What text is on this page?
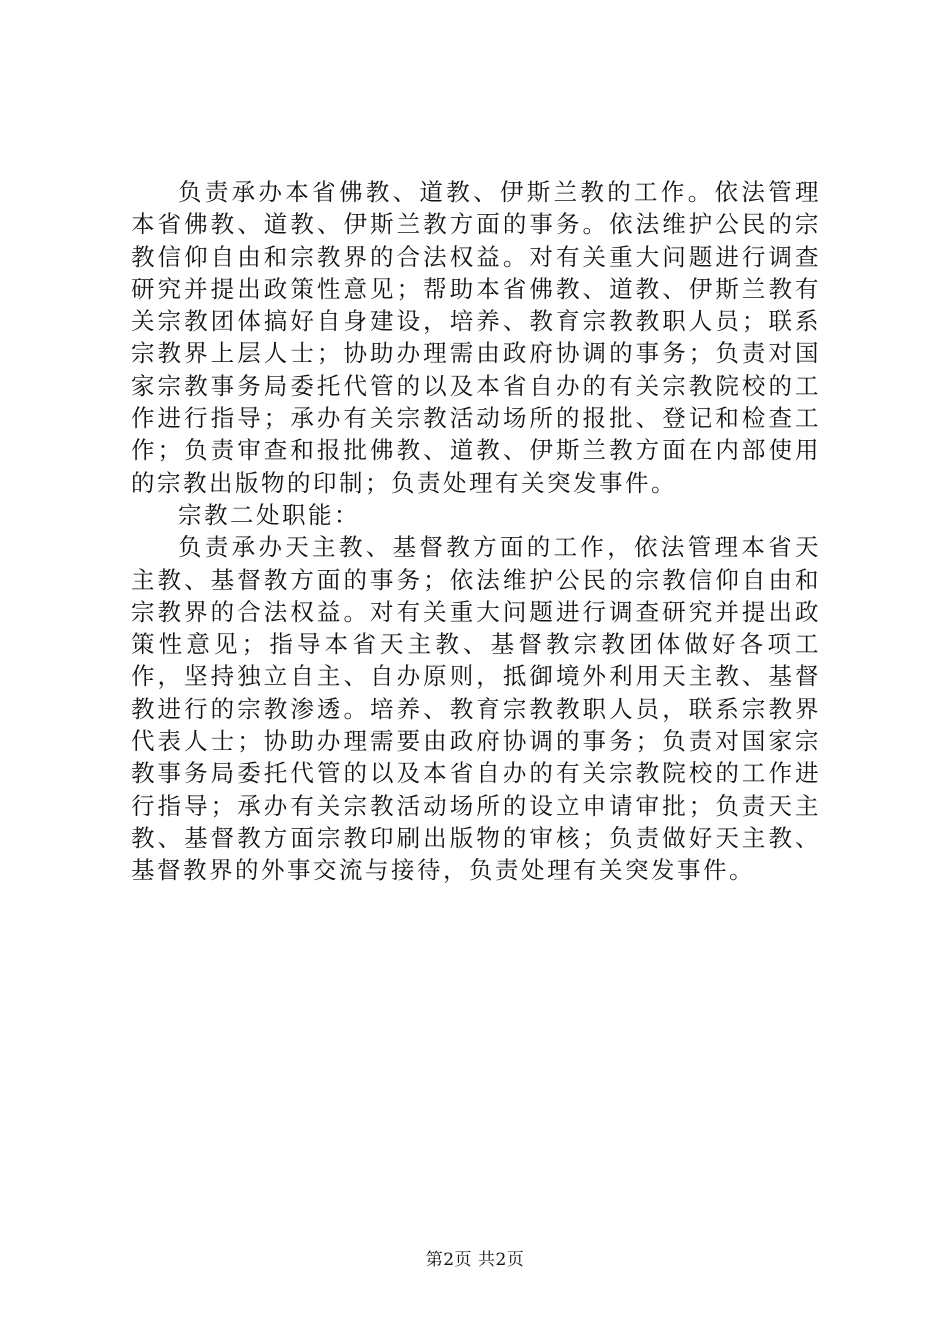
负责承办本省佛教、道教、伊斯兰教的工作。依法管理本省佛教、道教、伊斯兰教方面的事务。依法维护公民的宗教信仰自由和宗教界的合法权益。对有关重大问题进行调查研究并提出政策性意见；帮助本省佛教、道教、伊斯兰教有关宗教团体搞好自身建设，培养、教育宗教教职人员；联系宗教界上层人士；协助办理需由政府协调的事务；负责对国家宗教事务局委托代管的以及本省自办的有关宗教院校的工作进行指导；承办有关宗教活动场所的报批、登记和检查工作；负责审查和报批佛教、道教、伊斯兰教方面在内部使用的宗教出版物的印制；负责处理有关突发事件。

宗教二处职能：

负责承办天主教、基督教方面的工作，依法管理本省天主教、基督教方面的事务；依法维护公民的宗教信仰自由和宗教界的合法权益。对有关重大问题进行调查研究并提出政策性意见；指导本省天主教、基督教宗教团体做好各项工作，坚持独立自主、自办原则，抵御境外利用天主教、基督教进行的宗教渗透。培养、教育宗教教职人员，联系宗教界代表人士；协助办理需要由政府协调的事务；负责对国家宗教事务局委托代管的以及本省自办的有关宗教院校的工作进行指导；承办有关宗教活动场所的设立申请审批；负责天主教、基督教方面宗教印刷出版物的审核；负责做好天主教、基督教界的外事交流与接待，负责处理有关突发事件。

第2页 共2页
